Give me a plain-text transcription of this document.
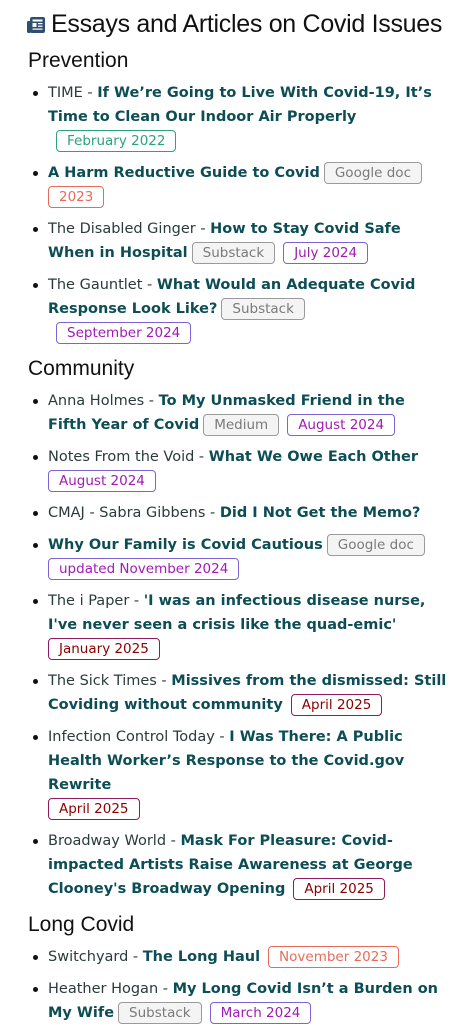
Essays and Articles on Covid Issues
Prevention
TIME - If We’re Going to Live With Covid-19, It’s Time to Clean Our Indoor Air ProperlyFebruary 2022
A Harm Reductive Guide to Covid Google doc
2023
The Disabled Ginger - How to Stay Covid Safe When in Hospital Substack July 2024
The Gauntlet - What Would an Adequate Covid Response Look Like? SubstackSeptember 2024
Community
Anna Holmes - To My Unmasked Friend in the Fifth Year of Covid Medium August 2024
Notes From the Void - What We Owe Each Other
August 2024
CMAJ - Sabra Gibbens - Did I Not Get the Memo?
Why Our Family is Covid Cautious Google doc
updated November 2024
The i Paper - 'I was an infectious disease nurse, I've never seen a crisis like the quad-emic'
January 2025
The Sick Times - Missives from the dismissed: Still Coviding without community April 2025
Infection Control Today - I Was There: A Public Health Worker’s Response to the Covid.gov Rewrite
April 2025
Broadway World - Mask For Pleasure: Covid-impacted Artists Raise Awareness at George Clooney's Broadway Opening April 2025
Long Covid
Switchyard - The Long Haul November 2023
Heather Hogan - My Long Covid Isn’t a Burden on My Wife Substack March 2024
